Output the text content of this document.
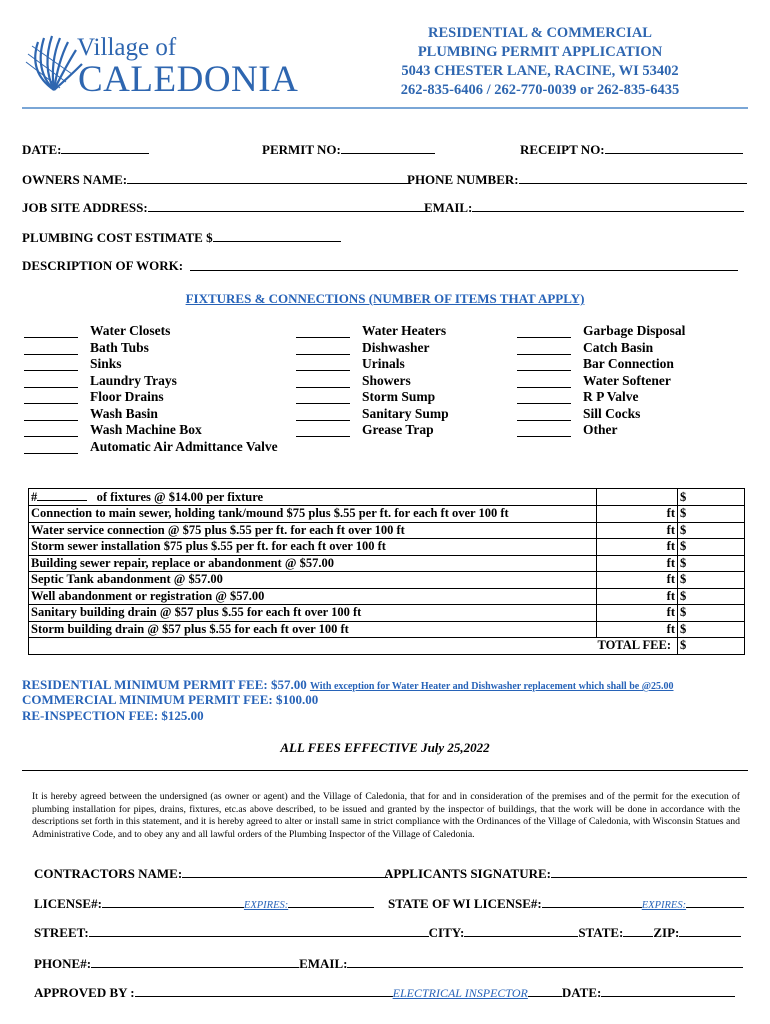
Village of
CALEDONIA
RESIDENTIAL & COMMERCIAL
PLUMBING PERMIT APPLICATION
5043 CHESTER LANE, RACINE, WI 53402
262-835-6406 / 262-770-0039 or 262-835-6435
DATE:	PERMIT NO:	RECEIPT NO:
OWNERS NAME:	PHONE NUMBER:
JOB SITE ADDRESS:	EMAIL:
PLUMBING COST ESTIMATE $
DESCRIPTION OF WORK:
FIXTURES & CONNECTIONS (NUMBER OF ITEMS THAT APPLY)
Water Closets
Bath Tubs
Sinks
Laundry Trays
Floor Drains
Wash Basin
Wash Machine Box
Automatic Air Admittance Valve
Water Heaters
Dishwasher
Urinals
Showers
Storm Sump
Sanitary Sump
Grease Trap
Garbage Disposal
Catch Basin
Bar Connection
Water Softener
R P Valve
Sill Cocks
Other
# of fixtures @ $14.00 per fixture		$
Connection to main sewer, holding tank/mound $75 plus $.55 per ft. for each ft over 100 ft	ft	$
Water service connection @ $75 plus $.55 per ft. for each ft over 100 ft	ft	$
Storm sewer installation $75 plus $.55 per ft. for each ft over 100 ft	ft	$
Building sewer repair, replace or abandonment @ $57.00	ft	$
Septic Tank abandonment @ $57.00	ft	$
Well abandonment or registration @ $57.00	ft	$
Sanitary building drain @ $57 plus $.55 for each ft over 100 ft	ft	$
Storm building drain @ $57 plus $.55 for each ft over 100 ft	ft	$
TOTAL FEE:		$
RESIDENTIAL MINIMUM PERMIT FEE: $57.00 With exception for Water Heater and Dishwasher replacement which shall be @25.00
COMMERCIAL MINIMUM PERMIT FEE: $100.00
RE-INSPECTION FEE: $125.00
ALL FEES EFFECTIVE July 25,2022
It is hereby agreed between the undersigned (as owner or agent) and the Village of Caledonia, that for and in consideration of the premises and of the permit for the execution of plumbing installation for pipes, drains, fixtures, etc.as above described, to be issued and granted by the inspector of buildings, that the work will be done in accordance with the descriptions set forth in this statement, and it is hereby agreed to alter or install same in strict compliance with the Ordinances of the Village of Caledonia, with Wisconsin Statues and Administrative Code, and to obey any and all lawful orders of the Plumbing Inspector of the Village of Caledonia.
CONTRACTORS NAME:	APPLICANTS SIGNATURE:
LICENSE#:	EXPIRES:	STATE OF WI LICENSE#:	EXPIRES:
STREET:	CITY:	STATE: ZIP:
PHONE#:	EMAIL:
APPROVED BY :	ELECTRICAL INSPECTOR	DATE:
